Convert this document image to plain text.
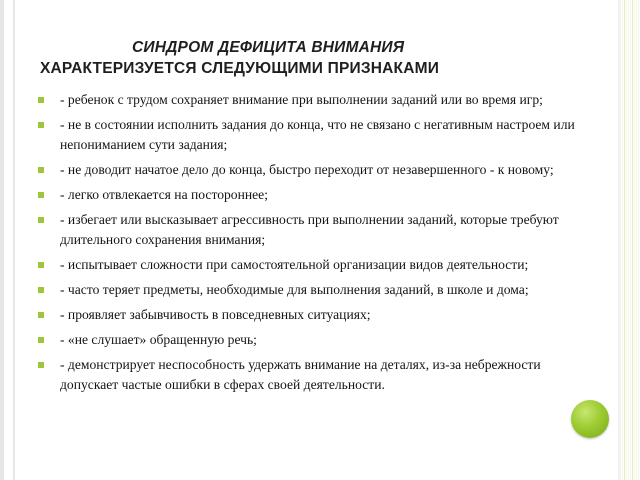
СИНДРОМ ДЕФИЦИТА ВНИМАНИЯ
ХАРАКТЕРИЗУЕТСЯ СЛЕДУЮЩИМИ ПРИЗНАКАМИ
- ребенок с трудом сохраняет внимание при выполнении заданий или во время игр;
- не в состоянии исполнить задания до конца, что не связано с негативным настроем или непониманием сути задания;
- не доводит начатое дело до конца, быстро переходит от незавершенного - к новому;
- легко отвлекается на постороннее;
- избегает или высказывает агрессивность при выполнении заданий, которые требуют длительного сохранения внимания;
- испытывает сложности при самостоятельной организации видов деятельности;
- часто теряет предметы, необходимые для выполнения заданий, в школе и дома;
- проявляет забывчивость в повседневных ситуациях;
- «не слушает» обращенную речь;
- демонстрирует неспособность удержать внимание на деталях, из-за небрежности допускает частые ошибки в сферах своей деятельности.
